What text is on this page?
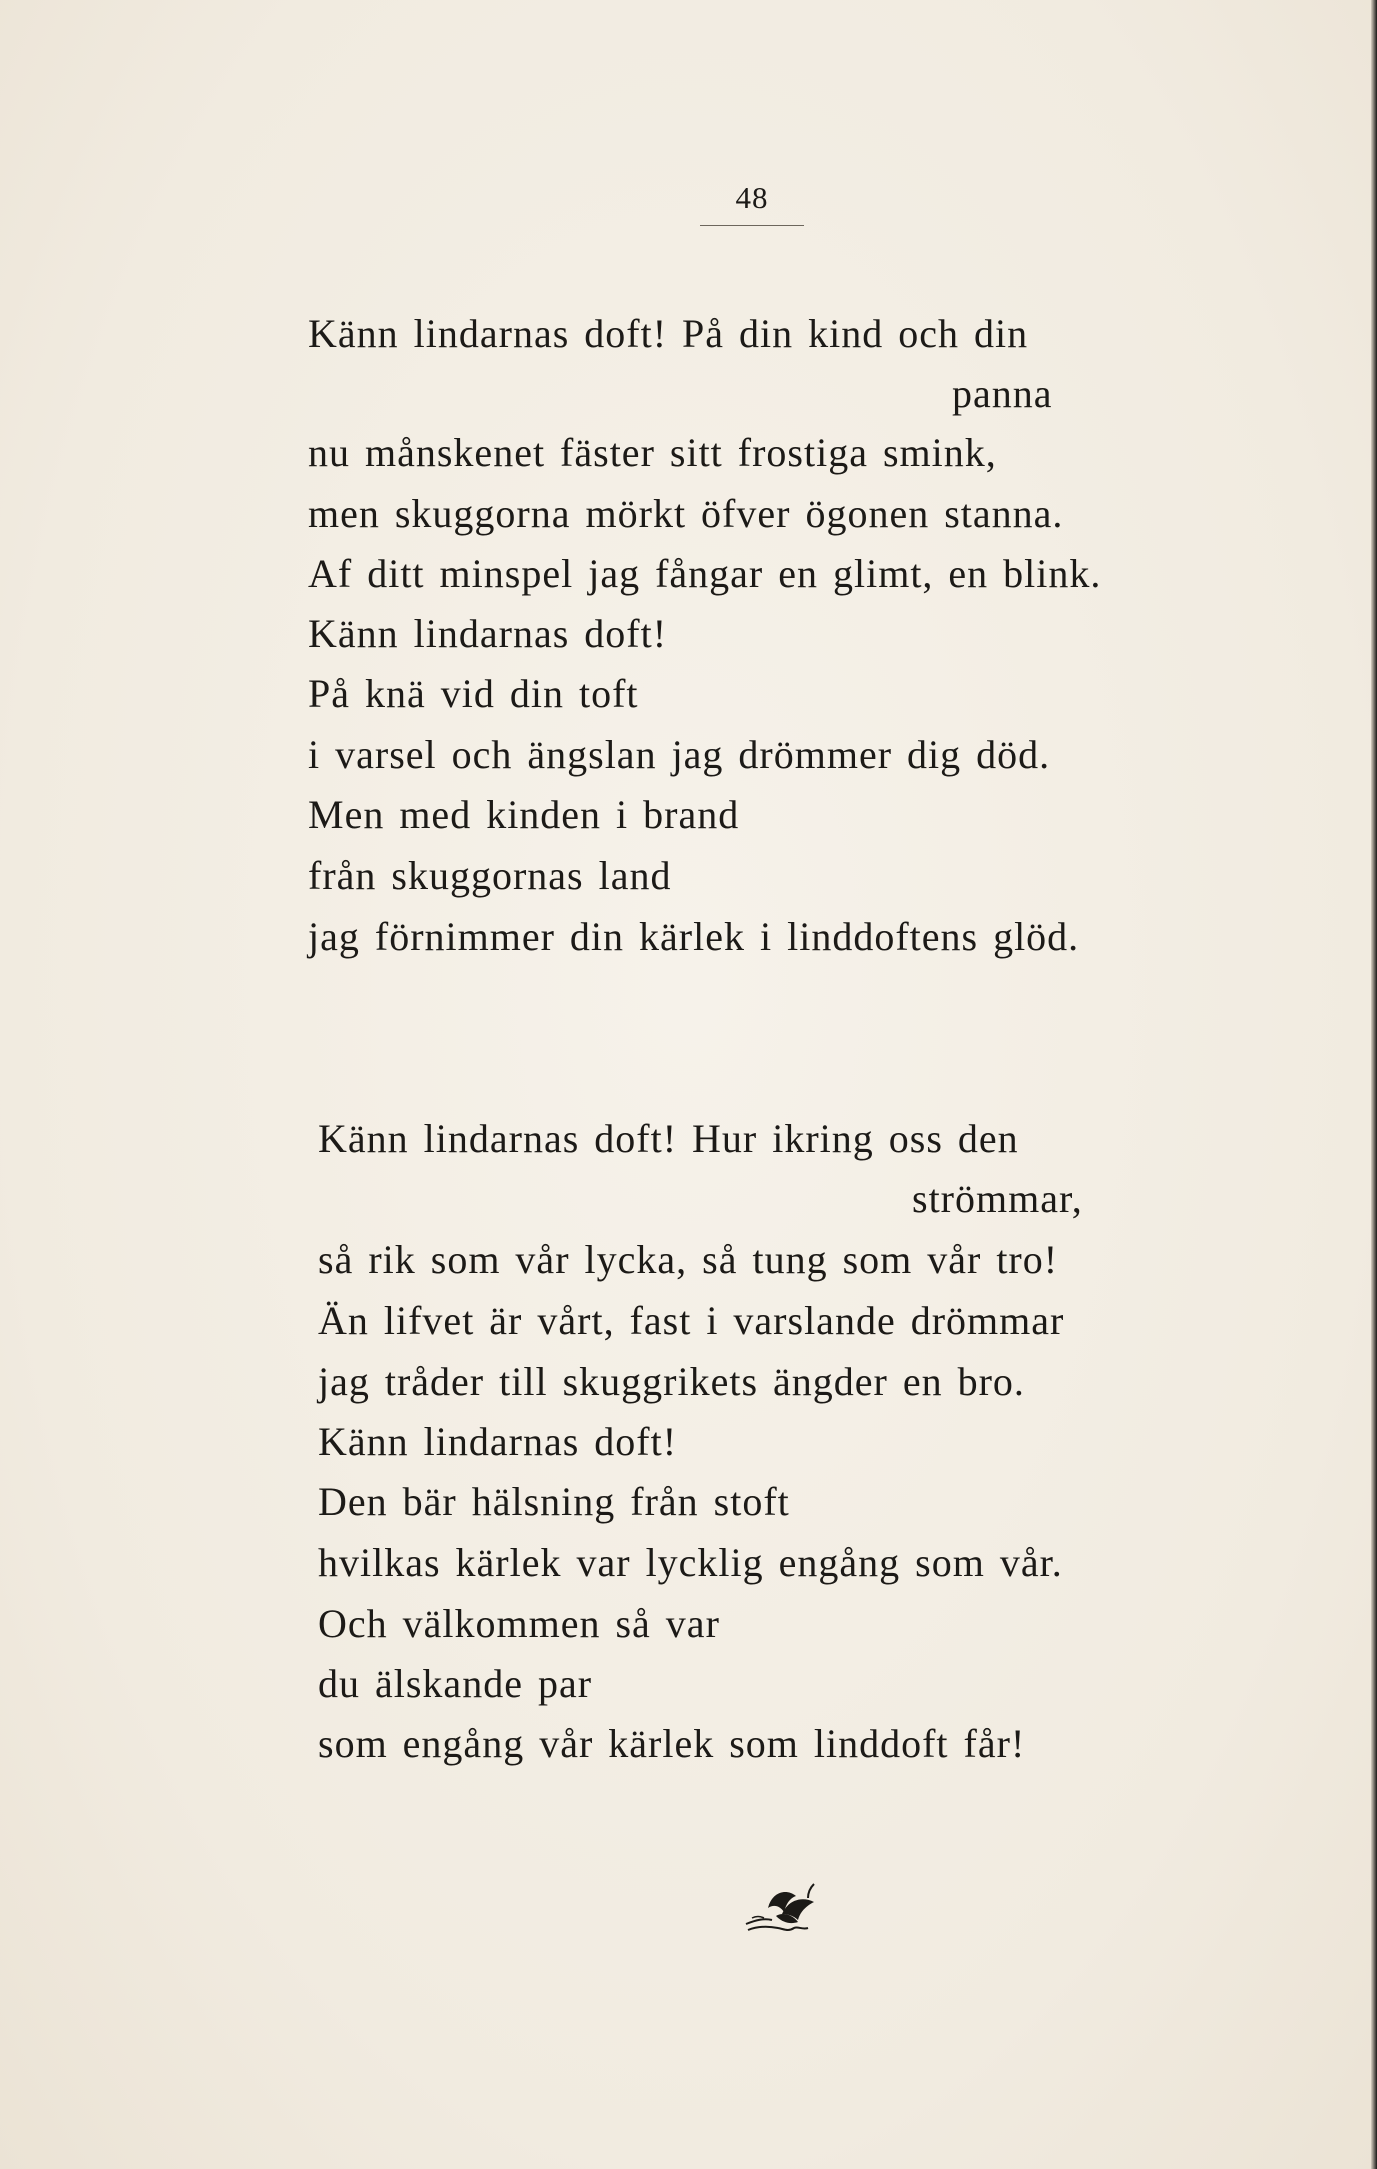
48
Känn lindarnas doft! På din kind och din
panna
nu månskenet fäster sitt frostiga smink,
men skuggorna mörkt öfver ögonen stanna.
Af ditt minspel jag fångar en glimt, en blink.
Känn lindarnas doft!
På knä vid din toft
i varsel och ängslan jag drömmer dig död.
Men med kinden i brand
från skuggornas land
jag förnimmer din kärlek i linddoftens glöd.
Känn lindarnas doft! Hur ikring oss den
strömmar,
så rik som vår lycka, så tung som vår tro!
Än lifvet är vårt, fast i varslande drömmar
jag tråder till skuggrikets ängder en bro.
Känn lindarnas doft!
Den bär hälsning från stoft
hvilkas kärlek var lycklig engång som vår.
Och välkommen så var
du älskande par
som engång vår kärlek som linddoft får!
